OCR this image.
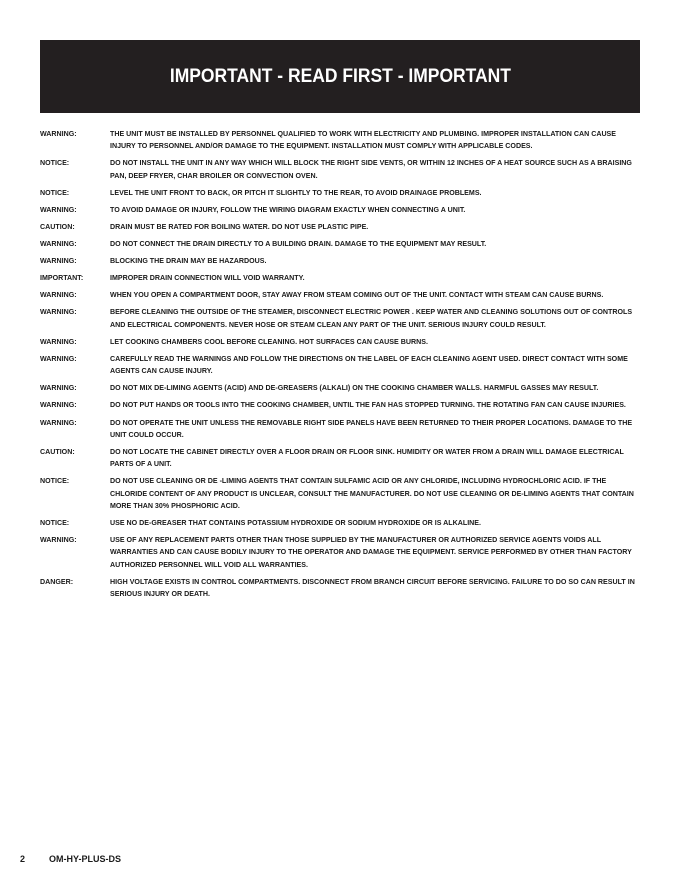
IMPORTANT - READ FIRST - IMPORTANT
WARNING:	THE UNIT MUST BE INSTALLED BY PERSONNEL QUALIFIED TO WORK WITH ELECTRICITY AND PLUMBING. IMPROPER INSTALLATION CAN CAUSE INJURY TO PERSONNEL AND/OR DAMAGE TO THE EQUIPMENT. INSTALLATION MUST COMPLY WITH APPLICABLE CODES.
NOTICE:	DO NOT INSTALL THE UNIT IN ANY WAY WHICH WILL BLOCK THE RIGHT SIDE VENTS, OR WITHIN 12 INCHES OF A HEAT SOURCE SUCH AS A BRAISING PAN, DEEP FRYER, CHAR BROILER OR CONVECTION OVEN.
NOTICE:	LEVEL THE UNIT FRONT TO BACK, OR PITCH IT SLIGHTLY TO THE REAR, TO AVOID DRAINAGE PROBLEMS.
WARNING:	TO AVOID DAMAGE OR INJURY, FOLLOW THE WIRING DIAGRAM EXACTLY WHEN CONNECTING A UNIT.
CAUTION:	DRAIN MUST BE RATED FOR BOILING WATER. DO NOT USE PLASTIC PIPE.
WARNING:	DO NOT CONNECT THE DRAIN DIRECTLY TO A BUILDING DRAIN. DAMAGE TO THE EQUIPMENT MAY RESULT.
WARNING:	BLOCKING THE DRAIN MAY BE HAZARDOUS.
IMPORTANT:	IMPROPER DRAIN CONNECTION WILL VOID WARRANTY.
WARNING:	WHEN YOU OPEN A COMPARTMENT DOOR, STAY AWAY FROM STEAM COMING OUT OF THE UNIT. CONTACT WITH STEAM CAN CAUSE BURNS.
WARNING:	BEFORE CLEANING THE OUTSIDE OF THE STEAMER, DISCONNECT ELECTRIC POWER . KEEP WATER AND CLEANING SOLUTIONS OUT OF CONTROLS AND ELECTRICAL COMPONENTS. NEVER HOSE OR STEAM CLEAN ANY PART OF THE UNIT. SERIOUS INJURY COULD RESULT.
WARNING:	LET COOKING CHAMBERS COOL BEFORE CLEANING. HOT SURFACES CAN CAUSE BURNS.
WARNING:	CAREFULLY READ THE WARNINGS AND FOLLOW THE DIRECTIONS ON THE LABEL OF EACH CLEANING AGENT USED. DIRECT CONTACT WITH SOME AGENTS CAN CAUSE INJURY.
WARNING:	DO NOT MIX DE-LIMING AGENTS (ACID) AND DE-GREASERS (ALKALI) ON THE COOKING CHAMBER WALLS. HARMFUL GASSES MAY RESULT.
WARNING:	DO NOT PUT HANDS OR TOOLS INTO THE COOKING CHAMBER, UNTIL THE FAN HAS STOPPED TURNING. THE ROTATING FAN CAN CAUSE INJURIES.
WARNING:	DO NOT OPERATE THE UNIT UNLESS THE REMOVABLE RIGHT SIDE PANELS HAVE BEEN RETURNED TO THEIR PROPER LOCATIONS. DAMAGE TO THE UNIT COULD OCCUR.
CAUTION:	DO NOT LOCATE THE CABINET DIRECTLY OVER A FLOOR DRAIN OR FLOOR SINK. HUMIDITY OR WATER FROM A DRAIN WILL DAMAGE ELECTRICAL PARTS OF A UNIT.
NOTICE:	DO NOT USE CLEANING OR DE -LIMING AGENTS THAT CONTAIN SULFAMIC ACID OR ANY CHLORIDE, INCLUDING HYDROCHLORIC ACID. IF THE CHLORIDE CONTENT OF ANY PRODUCT IS UNCLEAR, CONSULT THE MANUFACTURER. DO NOT USE CLEANING OR DE-LIMING AGENTS THAT CONTAIN MORE THAN 30% PHOSPHORIC ACID.
NOTICE:	USE NO DE-GREASER THAT CONTAINS POTASSIUM HYDROXIDE OR SODIUM HYDROXIDE OR IS ALKALINE.
WARNING:	USE OF ANY REPLACEMENT PARTS OTHER THAN THOSE SUPPLIED BY THE MANUFACTURER OR AUTHORIZED SERVICE AGENTS VOIDS ALL WARRANTIES AND CAN CAUSE BODILY INJURY TO THE OPERATOR AND DAMAGE THE EQUIPMENT. SERVICE PERFORMED BY OTHER THAN FACTORY AUTHORIZED PERSONNEL WILL VOID ALL WARRANTIES.
DANGER:	HIGH VOLTAGE EXISTS IN CONTROL COMPARTMENTS. DISCONNECT FROM BRANCH CIRCUIT BEFORE SERVICING. FAILURE TO DO SO CAN RESULT IN SERIOUS INJURY OR DEATH.
2	OM-HY-PLUS-DS
